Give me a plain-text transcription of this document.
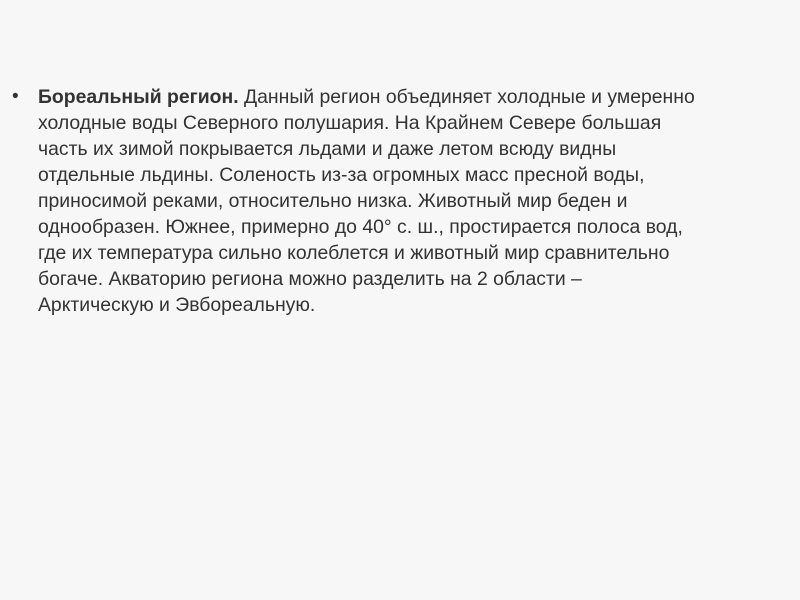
• Бореальный регион. Данный регион объединяет холодные и умеренно
холодные воды Северного полушария. На Крайнем Севере большая
часть их зимой покрывается льдами и даже летом всюду видны
отдельные льдины. Соленость из-за огромных масс пресной воды,
приносимой реками, относительно низка. Животный мир беден и
однообразен. Южнее, примерно до 40° с. ш., простирается полоса вод,
где их температура сильно колеблется и животный мир сравнительно
богаче. Акваторию региона можно разделить на 2 области –
Арктическую и Эвбореальную.
